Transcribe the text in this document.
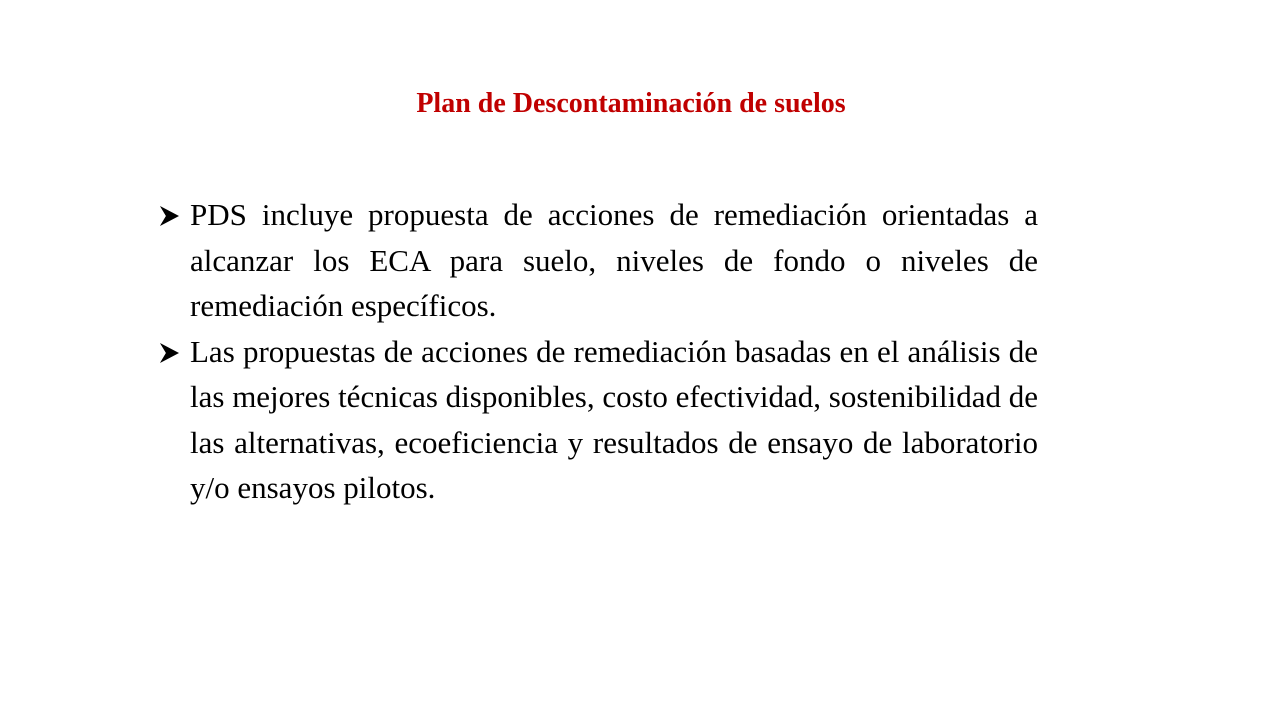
Plan de Descontaminación de suelos
PDS incluye propuesta de acciones de remediación orientadas a alcanzar los ECA para suelo, niveles de fondo o niveles de remediación específicos.
Las propuestas de acciones de remediación basadas en el análisis de las mejores técnicas disponibles, costo efectividad, sostenibilidad de las alternativas, ecoeficiencia y resultados de ensayo de laboratorio y/o ensayos pilotos.
